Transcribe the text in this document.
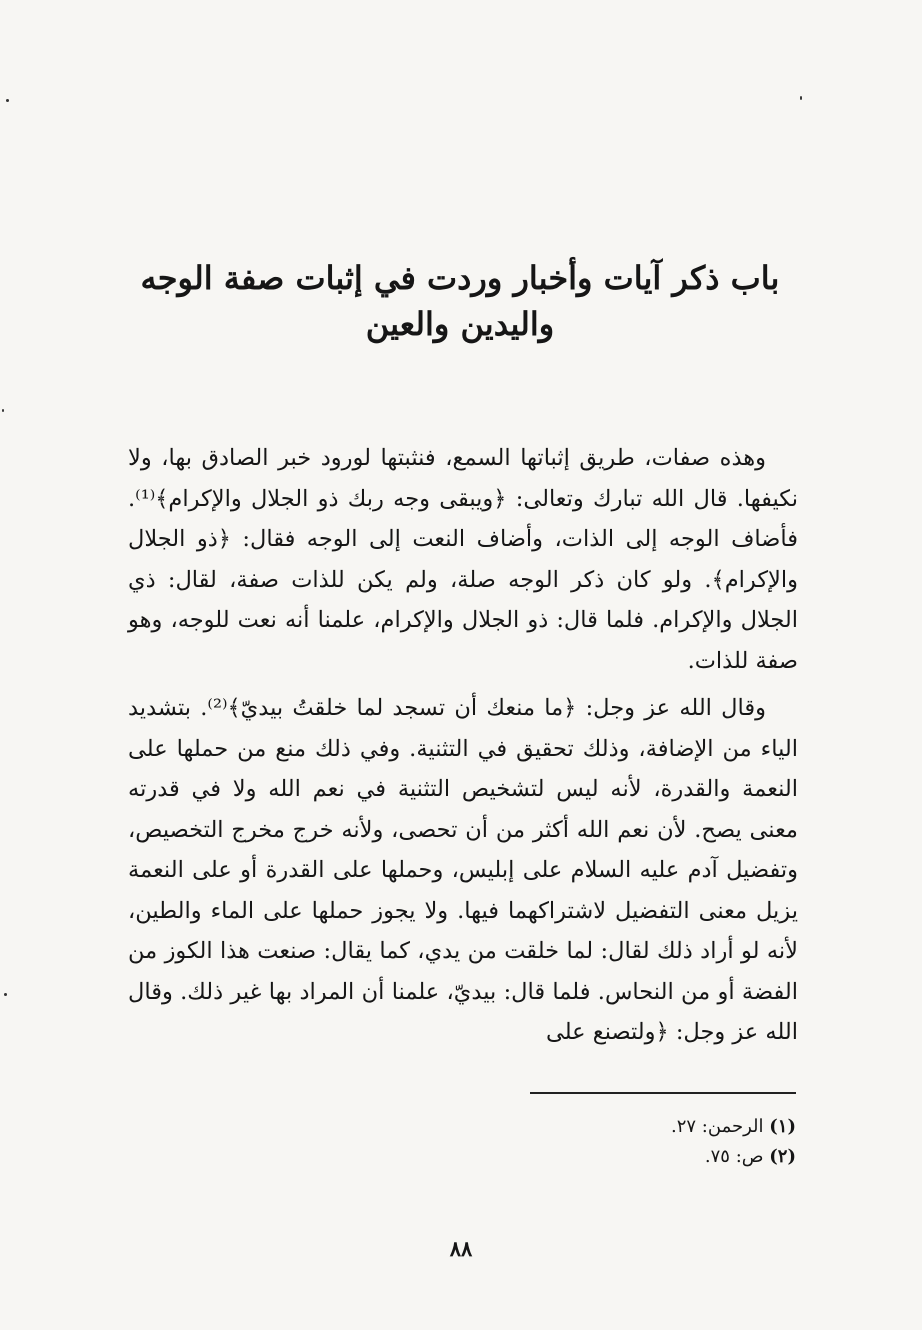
باب ذكر آيات وأخبار وردت في إثبات صفة الوجه واليدين والعين

وهذه صفات، طريق إثباتها السمع، فنثبتها لورود خبر الصادق بها، ولا نكيفها. قال الله تبارك وتعالى: ﴿ويبقى وجه ربك ذو الجلال والإكرام﴾⁽¹⁾. فأضاف الوجه إلى الذات، وأضاف النعت إلى الوجه فقال: ﴿ذو الجلال والإكرام﴾. ولو كان ذكر الوجه صلة، ولم يكن للذات صفة، لقال: ذي الجلال والإكرام. فلما قال: ذو الجلال والإكرام، علمنا أنه نعت للوجه، وهو صفة للذات.

وقال الله عز وجل: ﴿ما منعك أن تسجد لما خلقتُ بيديّ﴾⁽²⁾. بتشديد الياء من الإضافة، وذلك تحقيق في التثنية. وفي ذلك منع من حملها على النعمة والقدرة، لأنه ليس لتشخيص التثنية في نعم الله ولا في قدرته معنى يصح. لأن نعم الله أكثر من أن تحصى، ولأنه خرج مخرج التخصيص، وتفضيل آدم عليه السلام على إبليس، وحملها على القدرة أو على النعمة يزيل معنى التفضيل لاشتراكهما فيها. ولا يجوز حملها على الماء والطين، لأنه لو أراد ذلك لقال: لما خلقت من يدي، كما يقال: صنعت هذا الكوز من الفضة أو من النحاس. فلما قال: بيديّ، علمنا أن المراد بها غير ذلك. وقال الله عز وجل: ﴿ولتصنع على

(١) الرحمن: ٢٧.
(٢) ص: ٧٥.
٨٨
